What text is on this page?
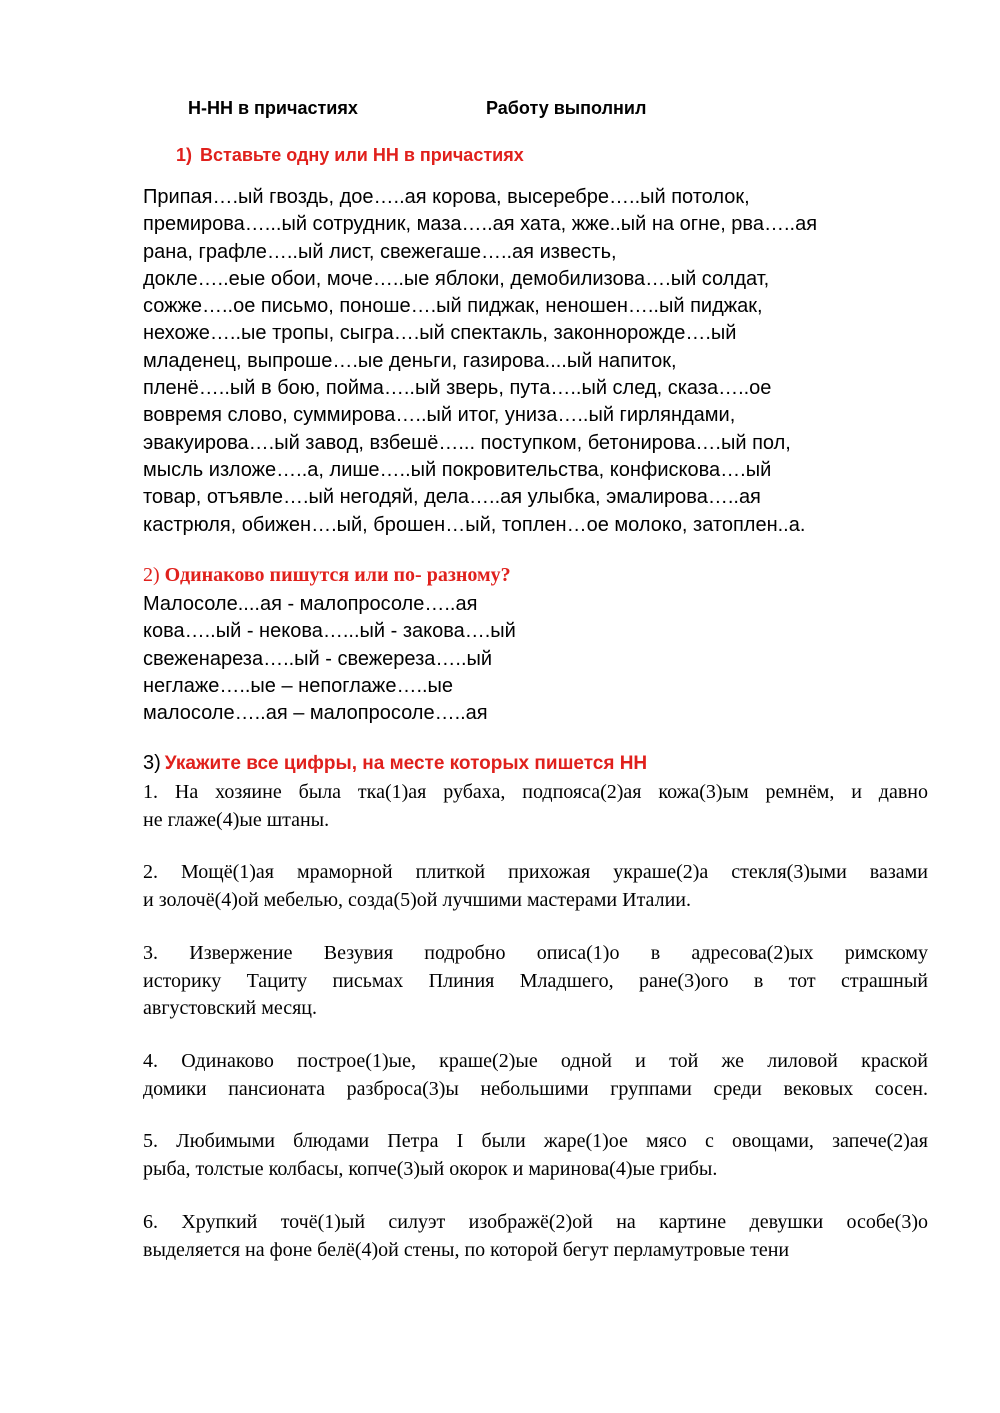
Н-НН в причастиях	Работу выполнил
1) Вставьте одну или НН в причастиях
Припая….ый гвоздь, дое…..ая корова, высеребре…..ый потолок,
премирова…...ый сотрудник, маза…..ая хата, жже..ый на огне, рва…..ая
рана, графле…..ый лист, свежегаше…..ая известь,
докле…..еые обои, моче…..ые яблоки, демобилизова….ый солдат,
сожже…..ое письмо, поноше….ый пиджак, неношен…..ый пиджак,
нехоже…..ые тропы, сыгра….ый спектакль, законнорожде….ый
младенец, выпроше….ые деньги, газирова....ый напиток,
пленё…..ый в бою, пойма…..ый зверь, пута…..ый след, сказа…..ое
вовремя слово, суммирова…..ый итог, униза…..ый гирляндами,
эвакуирова….ый завод, взбешё…... поступком, бетонирова….ый пол,
мысль изложе…..а, лише…..ый покровительства, конфискова….ый
товар, отъявле….ый негодяй, дела…..ая улыбка, эмалирова…..ая
кастрюля, обижен….ый, брошен…ый, топлен…ое молоко, затоплен..а.
2) Одинаково пишутся или по- разному?
Малосоле....ая - малопросоле…..ая
кова…..ый - некова…...ый - закова….ый
свеженареза…..ый - свежереза…..ый
неглаже…..ые – непоглаже…..ые
малосоле…..ая – малопросоле…..ая
3) Укажите все цифры, на месте которых пишется НН
1. На хозяине была тка(1)ая рубаха, подпояса(2)ая кожа(3)ым ремнём, и давно
не глаже(4)ые штаны.
2. Мощё(1)ая мраморной плиткой прихожая украше(2)а стекля(3)ыми вазами
и золочё(4)ой мебелью, созда(5)ой лучшими мастерами Италии.
3. Извержение Везувия подробно описа(1)о в адресова(2)ых римскому
историку Тациту письмах Плиния Младшего, ране(3)ого в тот страшный
августовский месяц.
4. Одинаково построе(1)ые, краше(2)ые одной и той же лиловой краской
домики пансионата разброса(3)ы небольшими группами среди вековых сосен.
5. Любимыми блюдами Петра I были жаре(1)ое мясо с овощами, запече(2)ая
рыба, толстые колбасы, копче(3)ый окорок и маринова(4)ые грибы.
6. Хрупкий точё(1)ый силуэт изображё(2)ой на картине девушки особе(3)о
выделяется на фоне белё(4)ой стены, по которой бегут перламутровые тени
